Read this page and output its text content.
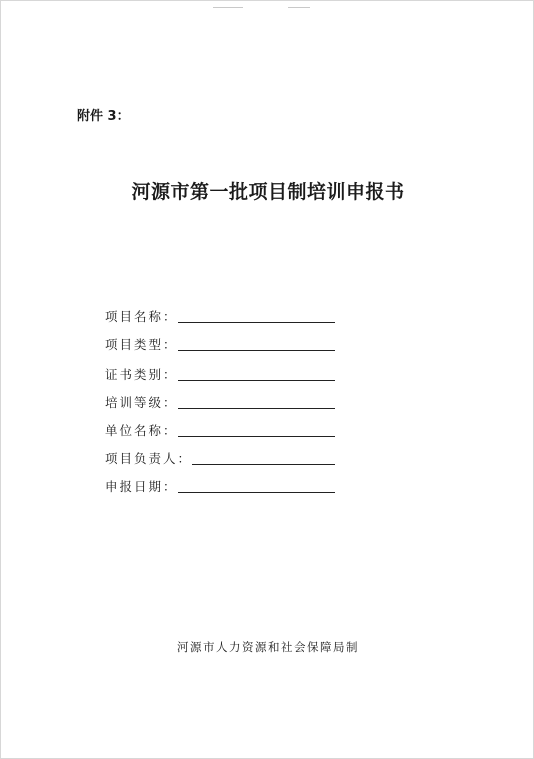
附件 3：
河源市第一批项目制培训申报书
项目名称：
项目类型：
证书类别：
培训等级：
单位名称：
项目负责人：
申报日期：
河源市人力资源和社会保障局制
